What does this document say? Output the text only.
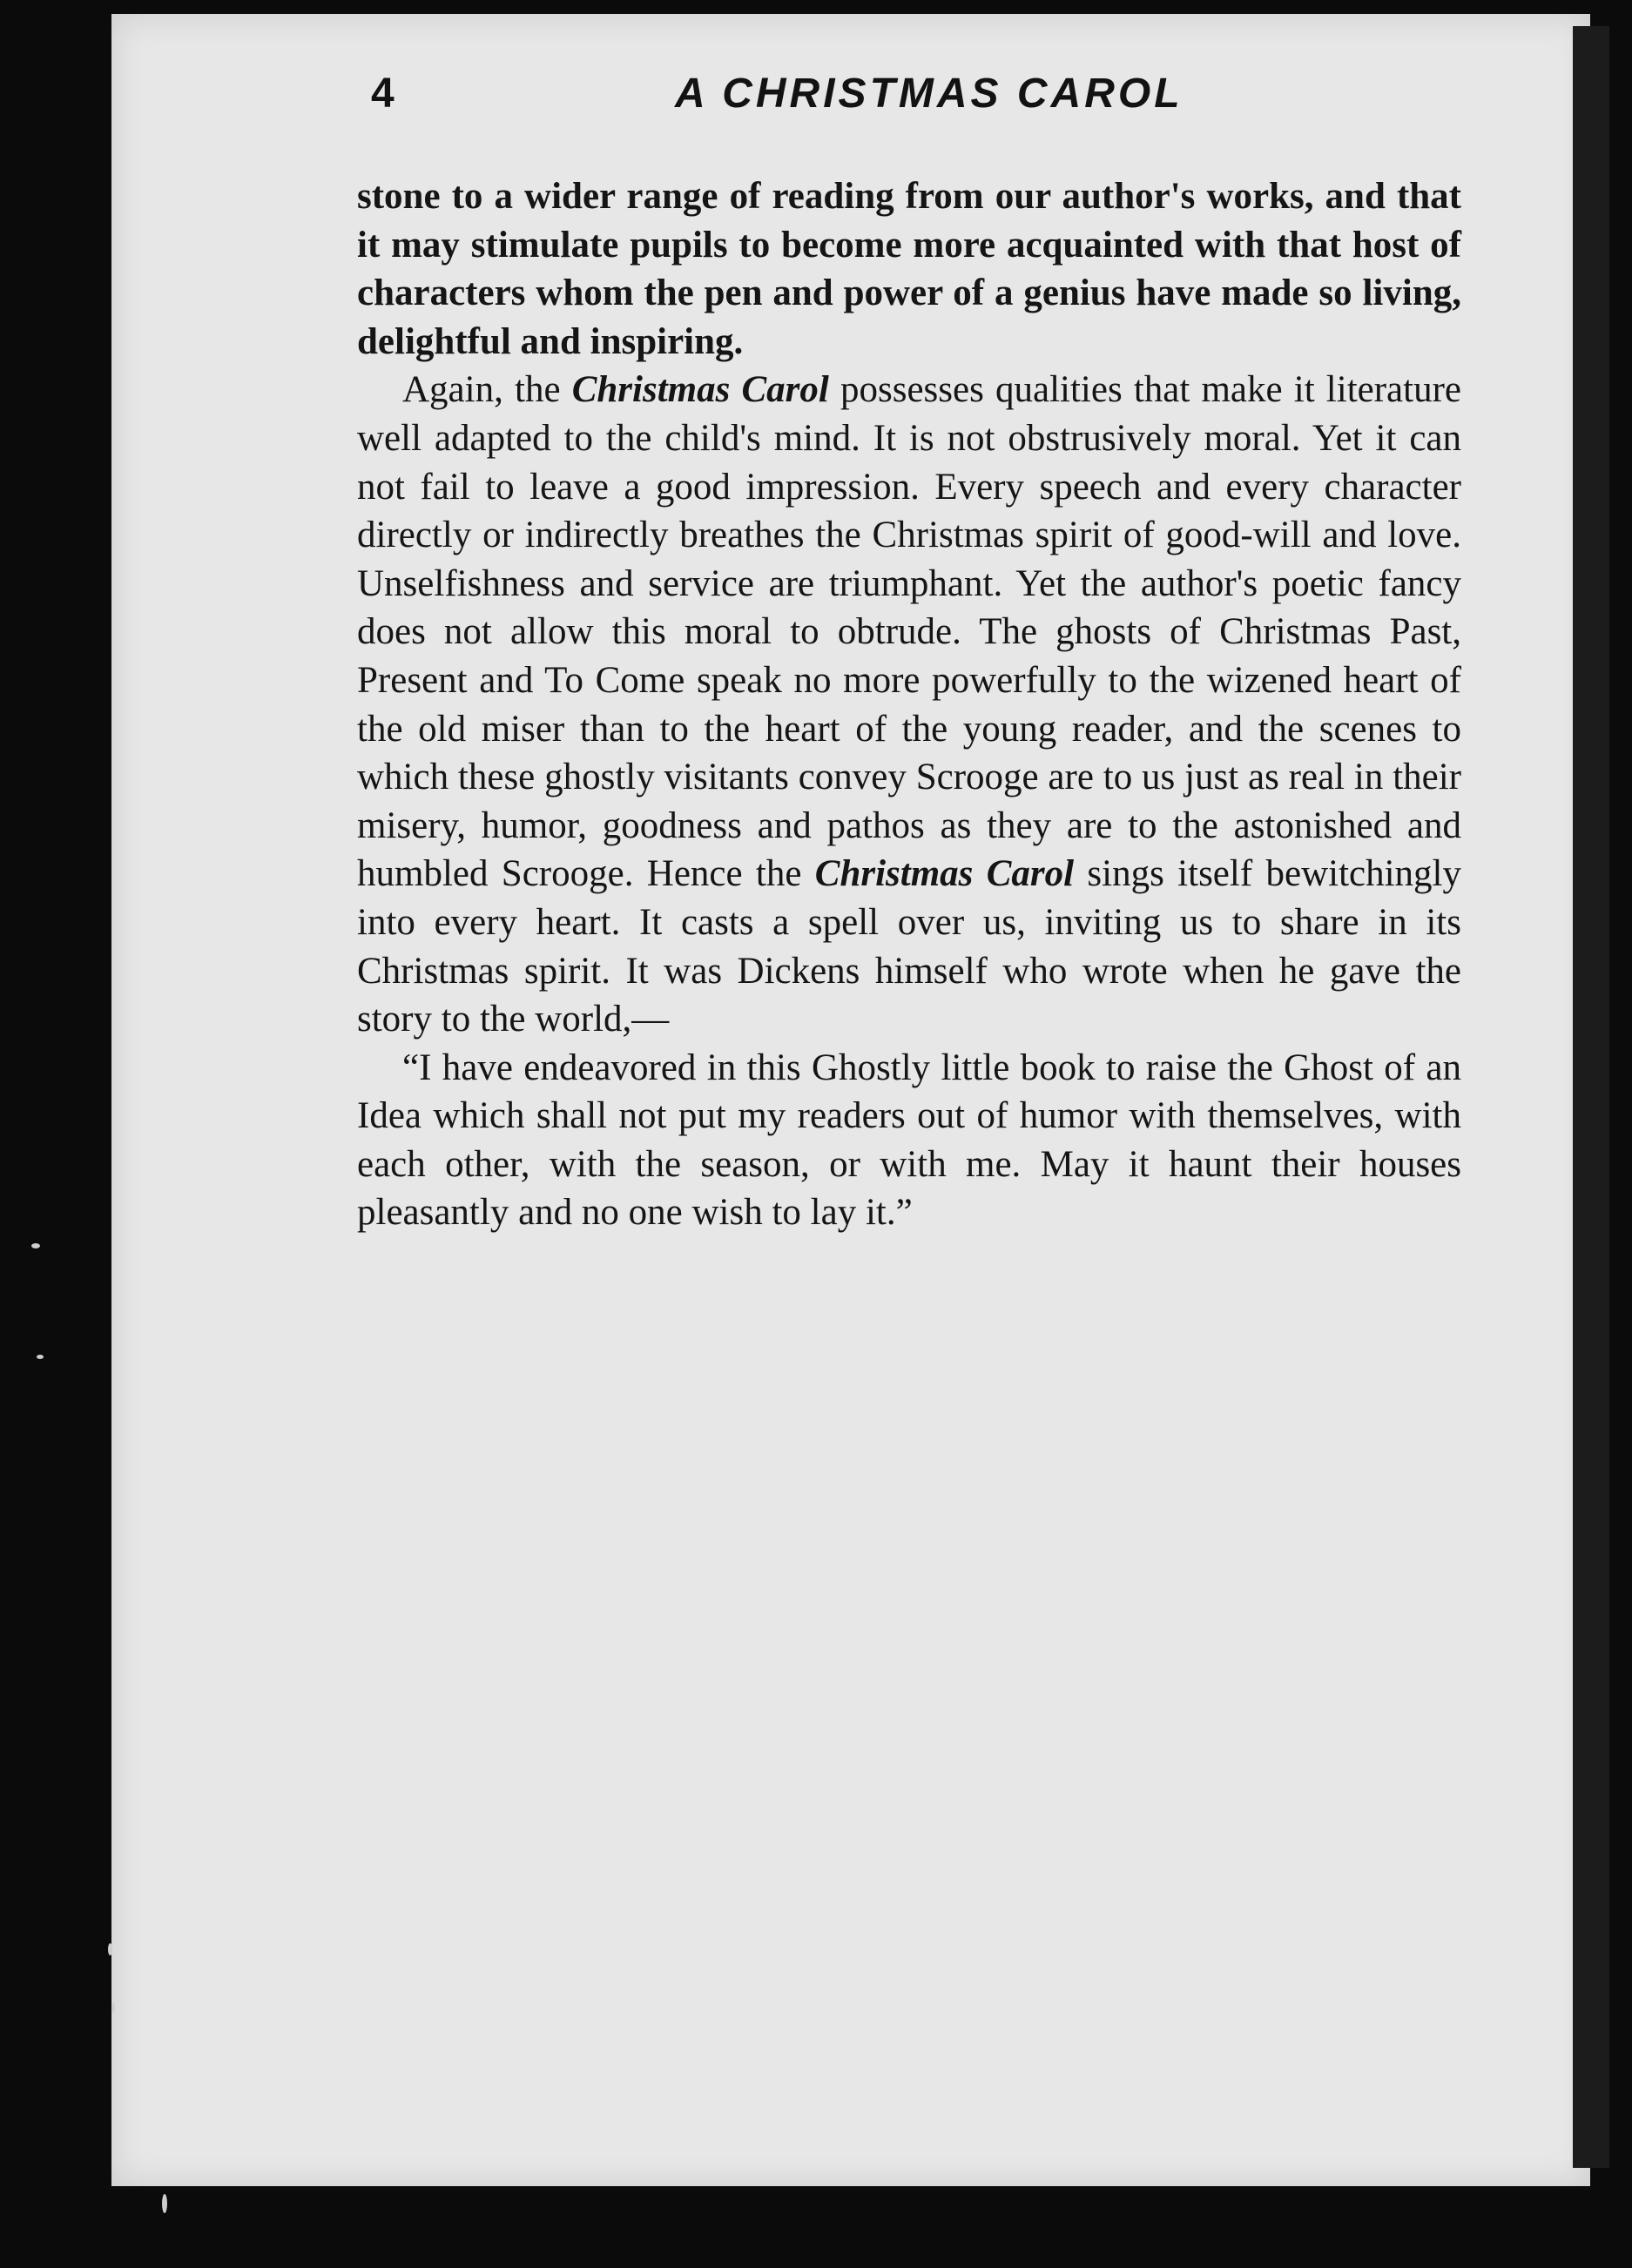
4	A CHRISTMAS CAROL

stone to a wider range of reading from our author's works, and that it may stimulate pupils to become more acquainted with that host of characters whom the pen and power of a genius have made so living, delightful and inspiring.

Again, the Christmas Carol possesses qualities that make it literature well adapted to the child's mind. It is not obstrusively moral. Yet it can not fail to leave a good impression. Every speech and every character directly or indirectly breathes the Christmas spirit of good-will and love. Unselfishness and service are triumphant. Yet the author's poetic fancy does not allow this moral to obtrude. The ghosts of Christmas Past, Present and To Come speak no more powerfully to the wizened heart of the old miser than to the heart of the young reader, and the scenes to which these ghostly visitants convey Scrooge are to us just as real in their misery, humor, goodness and pathos as they are to the astonished and humbled Scrooge. Hence the Christmas Carol sings itself bewitchingly into every heart. It casts a spell over us, inviting us to share in its Christmas spirit. It was Dickens himself who wrote when he gave the story to the world,—

“I have endeavored in this Ghostly little book to raise the Ghost of an Idea which shall not put my readers out of humor with themselves, with each other, with the season, or with me. May it haunt their houses pleasantly and no one wish to lay it.”
